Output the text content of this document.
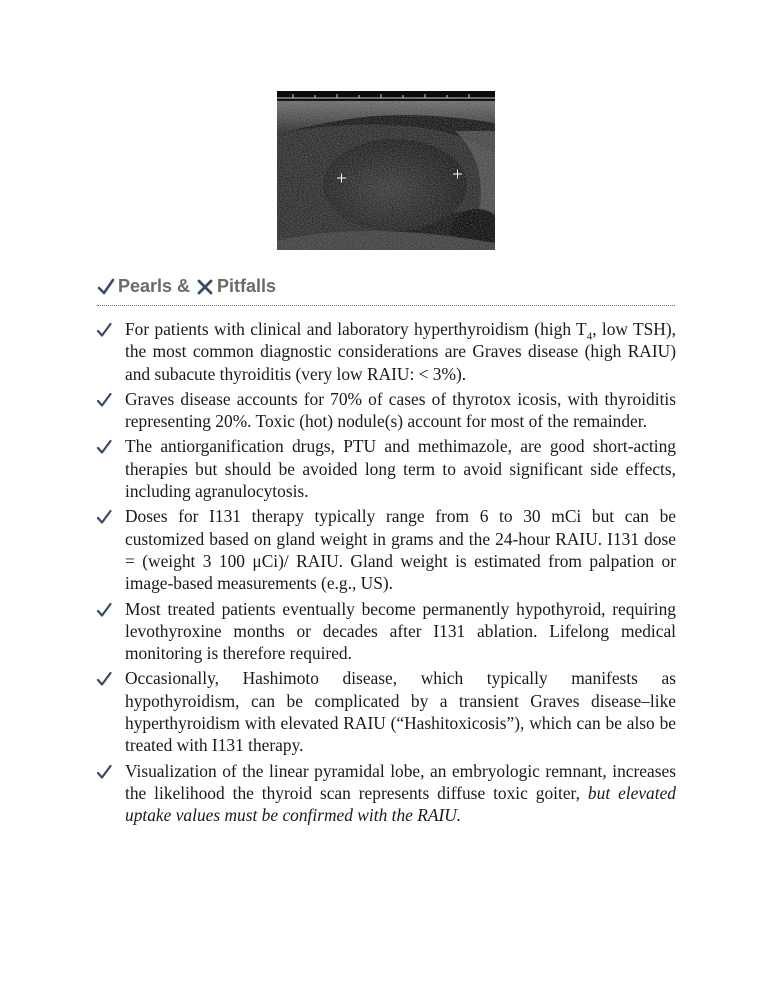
Pearls & Pitfalls
For patients with clinical and laboratory hyperthyroidism (high $T_4$, low TSH), the most common diagnostic considerations are Graves disease (high RAIU) and subacute thyroiditis (very low RAIU: < 3%).
Graves disease accounts for 70% of cases of thyrotox icosis, with thyroiditis representing 20%. Toxic (hot) nodule(s) account for most of the remainder.
The antiorganification drugs, PTU and methimazole, are good short-acting therapies but should be avoided long term to avoid significant side effects, including agranulocytosis.
Doses for I131 therapy typically range from 6 to 30 mCi but can be customized based on gland weight in grams and the 24-hour RAIU. I131 dose = (weight 3 100 μCi)/ RAIU. Gland weight is estimated from palpation or image-based measurements (e.g., US).
Most treated patients eventually become permanently hypothyroid, requiring levothyroxine months or decades after I131 ablation. Lifelong medical monitoring is therefore required.
Occasionally, Hashimoto disease, which typically manifests as hypothyroidism, can be complicated by a transient Graves disease–like hyperthyroidism with elevated RAIU (“Hashitoxicosis”), which can be also be treated with I131 therapy.
Visualization of the linear pyramidal lobe, an embryologic remnant, increases the likelihood the thyroid scan represents diffuse toxic goiter, but elevated uptake values must be confirmed with the RAIU.
